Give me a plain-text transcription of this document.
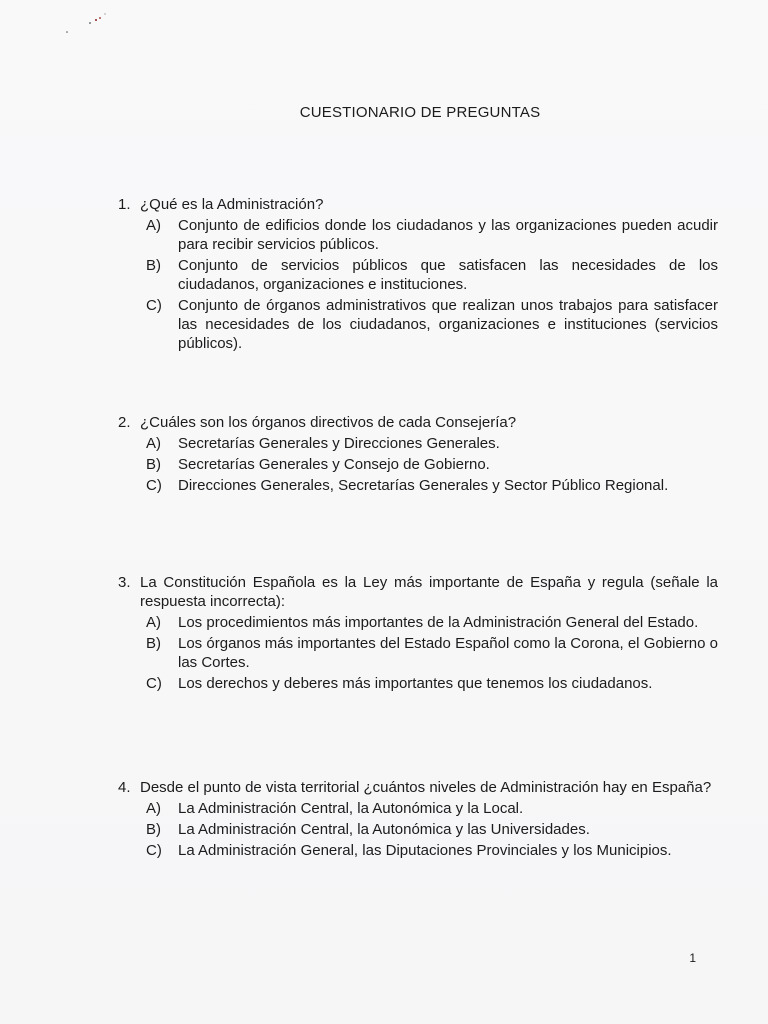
CUESTIONARIO DE PREGUNTAS
1. ¿Qué es la Administración?
A)	Conjunto de edificios donde los ciudadanos y las organizaciones pueden acudir para recibir servicios públicos.
B)	Conjunto de servicios públicos que satisfacen las necesidades de los ciudadanos, organizaciones e instituciones.
C)	Conjunto de órganos administrativos que realizan unos trabajos para satisfacer las necesidades de los ciudadanos, organizaciones e instituciones (servicios públicos).
2. ¿Cuáles son los órganos directivos de cada Consejería?
A)	Secretarías Generales y Direcciones Generales.
B)	Secretarías Generales y Consejo de Gobierno.
C)	Direcciones Generales, Secretarías Generales y Sector Público Regional.
3. La Constitución Española es la Ley más importante de España y regula (señale la respuesta incorrecta):
A)	Los procedimientos más importantes de la Administración General del Estado.
B)	Los órganos más importantes del Estado Español como la Corona, el Gobierno o las Cortes.
C)	Los derechos y deberes más importantes que tenemos los ciudadanos.
4. Desde el punto de vista territorial ¿cuántos niveles de Administración hay en España?
A)	La Administración Central, la Autonómica y la Local.
B)	La Administración Central, la Autonómica y las Universidades.
C)	La Administración General, las Diputaciones Provinciales y los Municipios.
1
